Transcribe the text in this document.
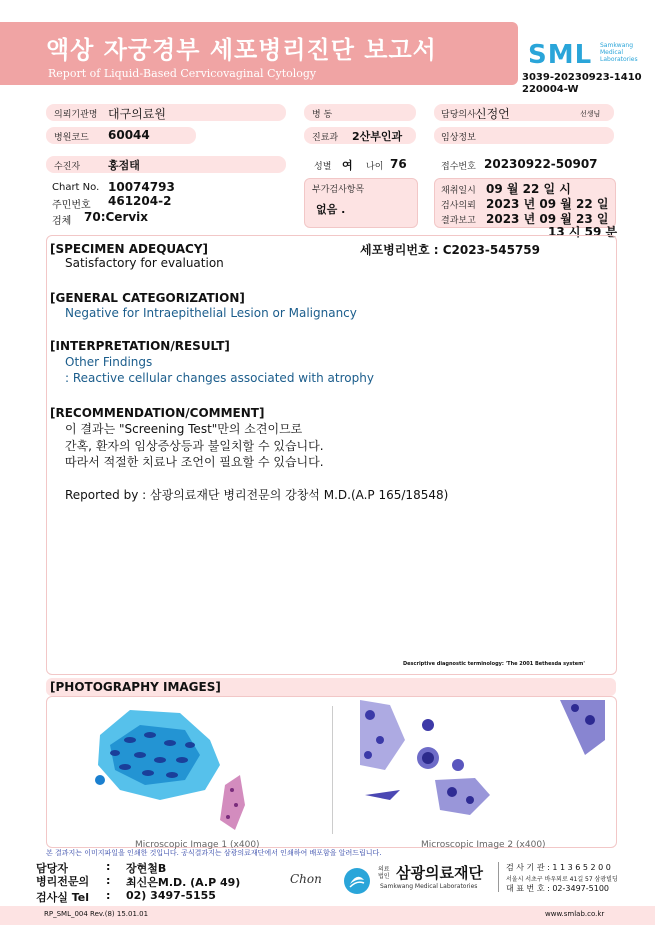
액상 자궁경부 세포병리진단 보고서
Report of Liquid-Based Cervicovaginal Cytology
SML Samkwang
Medical
Laboratories
3039-20230923-1410
220004-W
의뢰기관명 대구의료원	병 동	담당의사 신정언	선생님
병원코드 60044	진료과 2산부인과	임상정보
수진자	홍점태	성별 여 나이 76	접수번호 20230922-50907
Chart No. 10074793
주민번호 461204-2
검체 70:Cervix
부가검사항목
없음 .
채취일시 09 월 22 일 시
검사의뢰 2023 년 09 월 22 일
결과보고 2023 년 09 월 23 일
13 시 59 분
[SPECIMEN ADEQUACY]	세포병리번호 : C2023-545759
Satisfactory for evaluation
[GENERAL CATEGORIZATION]
Negative for Intraepithelial Lesion or Malignancy
[INTERPRETATION/RESULT]
Other Findings
: Reactive cellular changes associated with atrophy
[RECOMMENDATION/COMMENT]
이 결과는 "Screening Test"만의 소견이므로
간혹, 환자의 임상증상등과 불일치할 수 있습니다.
따라서 적절한 치료나 조언이 필요할 수 있습니다.
Reported by : 삼광의료재단 병리전문의 강창석 M.D.(A.P 165/18548)
Descriptive diagnostic terminology: 'The 2001 Bethesda system'
[PHOTOGRAPHY IMAGES]
Microscopic Image 1 (x400)	Microscopic Image 2 (x400)
본 결과지는 이미지파일을 인쇄한 것입니다. 공식결과지는 삼광의료재단에서 인쇄하여 배포함을 알려드립니다.
담당자	: 장현철B
병리전문의 : 최신은M.D. (A.P 49)
검사실 Tel : 02) 3497-5155
Chon
의료
법인 삼광의료재단
Samkwang Medical Laboratories
검 사 기 관 : 1 1 3 6 5 2 0 0
서울시 서초구 바우뫼로 41길 57 삼광빌딩
대 표 번 호 : 02-3497-5100
RP_SML_004 Rev.(8) 15.01.01	www.smlab.co.kr
